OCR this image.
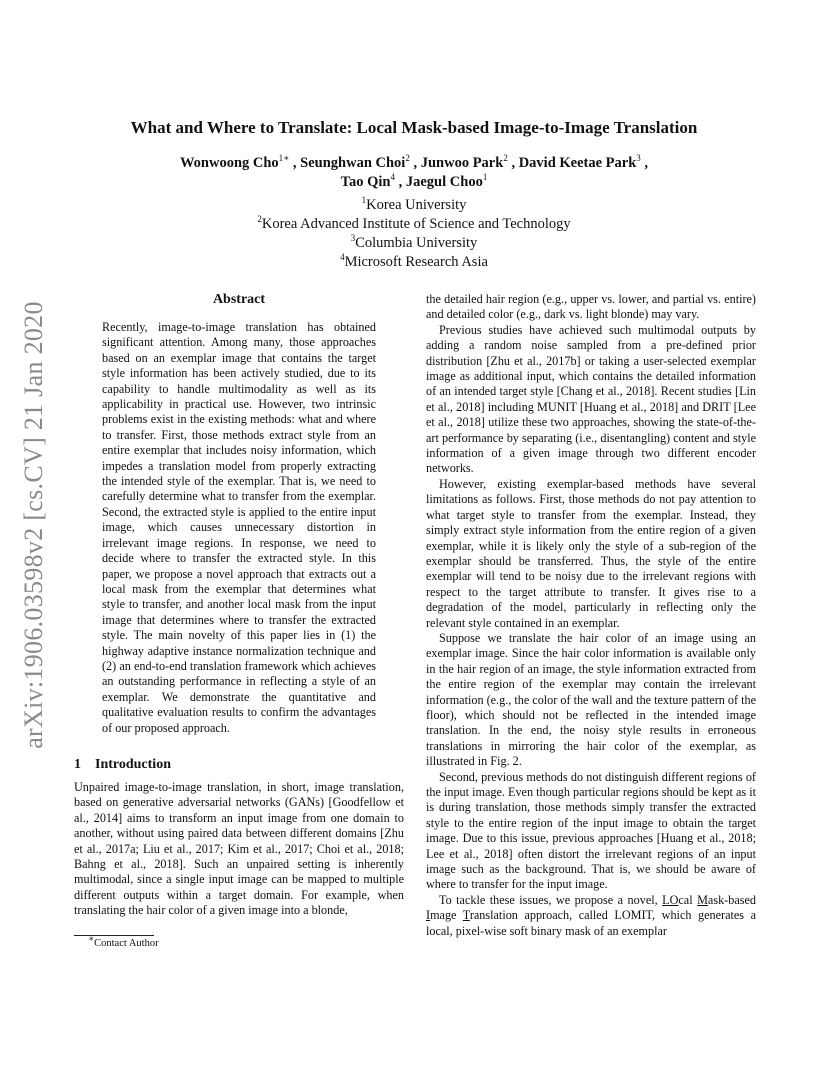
arXiv:1906.03598v2 [cs.CV] 21 Jan 2020
What and Where to Translate: Local Mask-based Image-to-Image Translation
Wonwoong Cho$^{1∗}$ , Seunghwan Choi$^2$ , Junwoo Park$^2$ , David Keetae Park$^3$ ,
Tao Qin$^4$ , Jaegul Choo$^1$
$^1$Korea University
$^2$Korea Advanced Institute of Science and Technology
$^3$Columbia University
$^4$Microsoft Research Asia
Abstract
Recently, image-to-image translation has obtained significant attention. Among many, those approaches based on an exemplar image that contains the target style information has been actively studied, due to its capability to handle multimodality as well as its applicability in practical use. However, two intrinsic problems exist in the existing methods: what and where to transfer. First, those methods extract style from an entire exemplar that includes noisy information, which impedes a translation model from properly extracting the intended style of the exemplar. That is, we need to carefully determine what to transfer from the exemplar. Second, the extracted style is applied to the entire input image, which causes unnecessary distortion in irrelevant image regions. In response, we need to decide where to transfer the extracted style. In this paper, we propose a novel approach that extracts out a local mask from the exemplar that determines what style to transfer, and another local mask from the input image that determines where to transfer the extracted style. The main novelty of this paper lies in (1) the highway adaptive instance normalization technique and (2) an end-to-end translation framework which achieves an outstanding performance in reflecting a style of an exemplar. We demonstrate the quantitative and qualitative evaluation results to confirm the advantages of our proposed approach.
1 Introduction

Unpaired image-to-image translation, in short, image translation, based on generative adversarial networks (GANs) [Goodfellow et al., 2014] aims to transform an input image from one domain to another, without using paired data between different domains [Zhu et al., 2017a; Liu et al., 2017; Kim et al., 2017; Choi et al., 2018; Bahng et al., 2018]. Such an unpaired setting is inherently multimodal, since a single input image can be mapped to multiple different outputs within a target domain. For example, when translating the hair color of a given image into a blonde,

∗Contact Author

the detailed hair region (e.g., upper vs. lower, and partial vs. entire) and detailed color (e.g., dark vs. light blonde) may vary.

Previous studies have achieved such multimodal outputs by adding a random noise sampled from a pre-defined prior distribution [Zhu et al., 2017b] or taking a user-selected exemplar image as additional input, which contains the detailed information of an intended target style [Chang et al., 2018]. Recent studies [Lin et al., 2018] including MUNIT [Huang et al., 2018] and DRIT [Lee et al., 2018] utilize these two approaches, showing the state-of-the-art performance by separating (i.e., disentangling) content and style information of a given image through two different encoder networks.

However, existing exemplar-based methods have several limitations as follows. First, those methods do not pay attention to what target style to transfer from the exemplar. Instead, they simply extract style information from the entire region of a given exemplar, while it is likely only the style of a sub-region of the exemplar should be transferred. Thus, the style of the entire exemplar will tend to be noisy due to the irrelevant regions with respect to the target attribute to transfer. It gives rise to a degradation of the model, particularly in reflecting only the relevant style contained in an exemplar.

Suppose we translate the hair color of an image using an exemplar image. Since the hair color information is available only in the hair region of an image, the style information extracted from the entire region of the exemplar may contain the irrelevant information (e.g., the color of the wall and the texture pattern of the floor), which should not be reflected in the intended image translation. In the end, the noisy style results in erroneous translations in mirroring the hair color of the exemplar, as illustrated in Fig. 2.

Second, previous methods do not distinguish different regions of the input image. Even though particular regions should be kept as it is during translation, those methods simply transfer the extracted style to the entire region of the input image to obtain the target image. Due to this issue, previous approaches [Huang et al., 2018; Lee et al., 2018] often distort the irrelevant regions of an input image such as the background. That is, we should be aware of where to transfer for the input image.

To tackle these issues, we propose a novel, LOcal Mask-based Image Translation approach, called LOMIT, which generates a local, pixel-wise soft binary mask of an exemplar
